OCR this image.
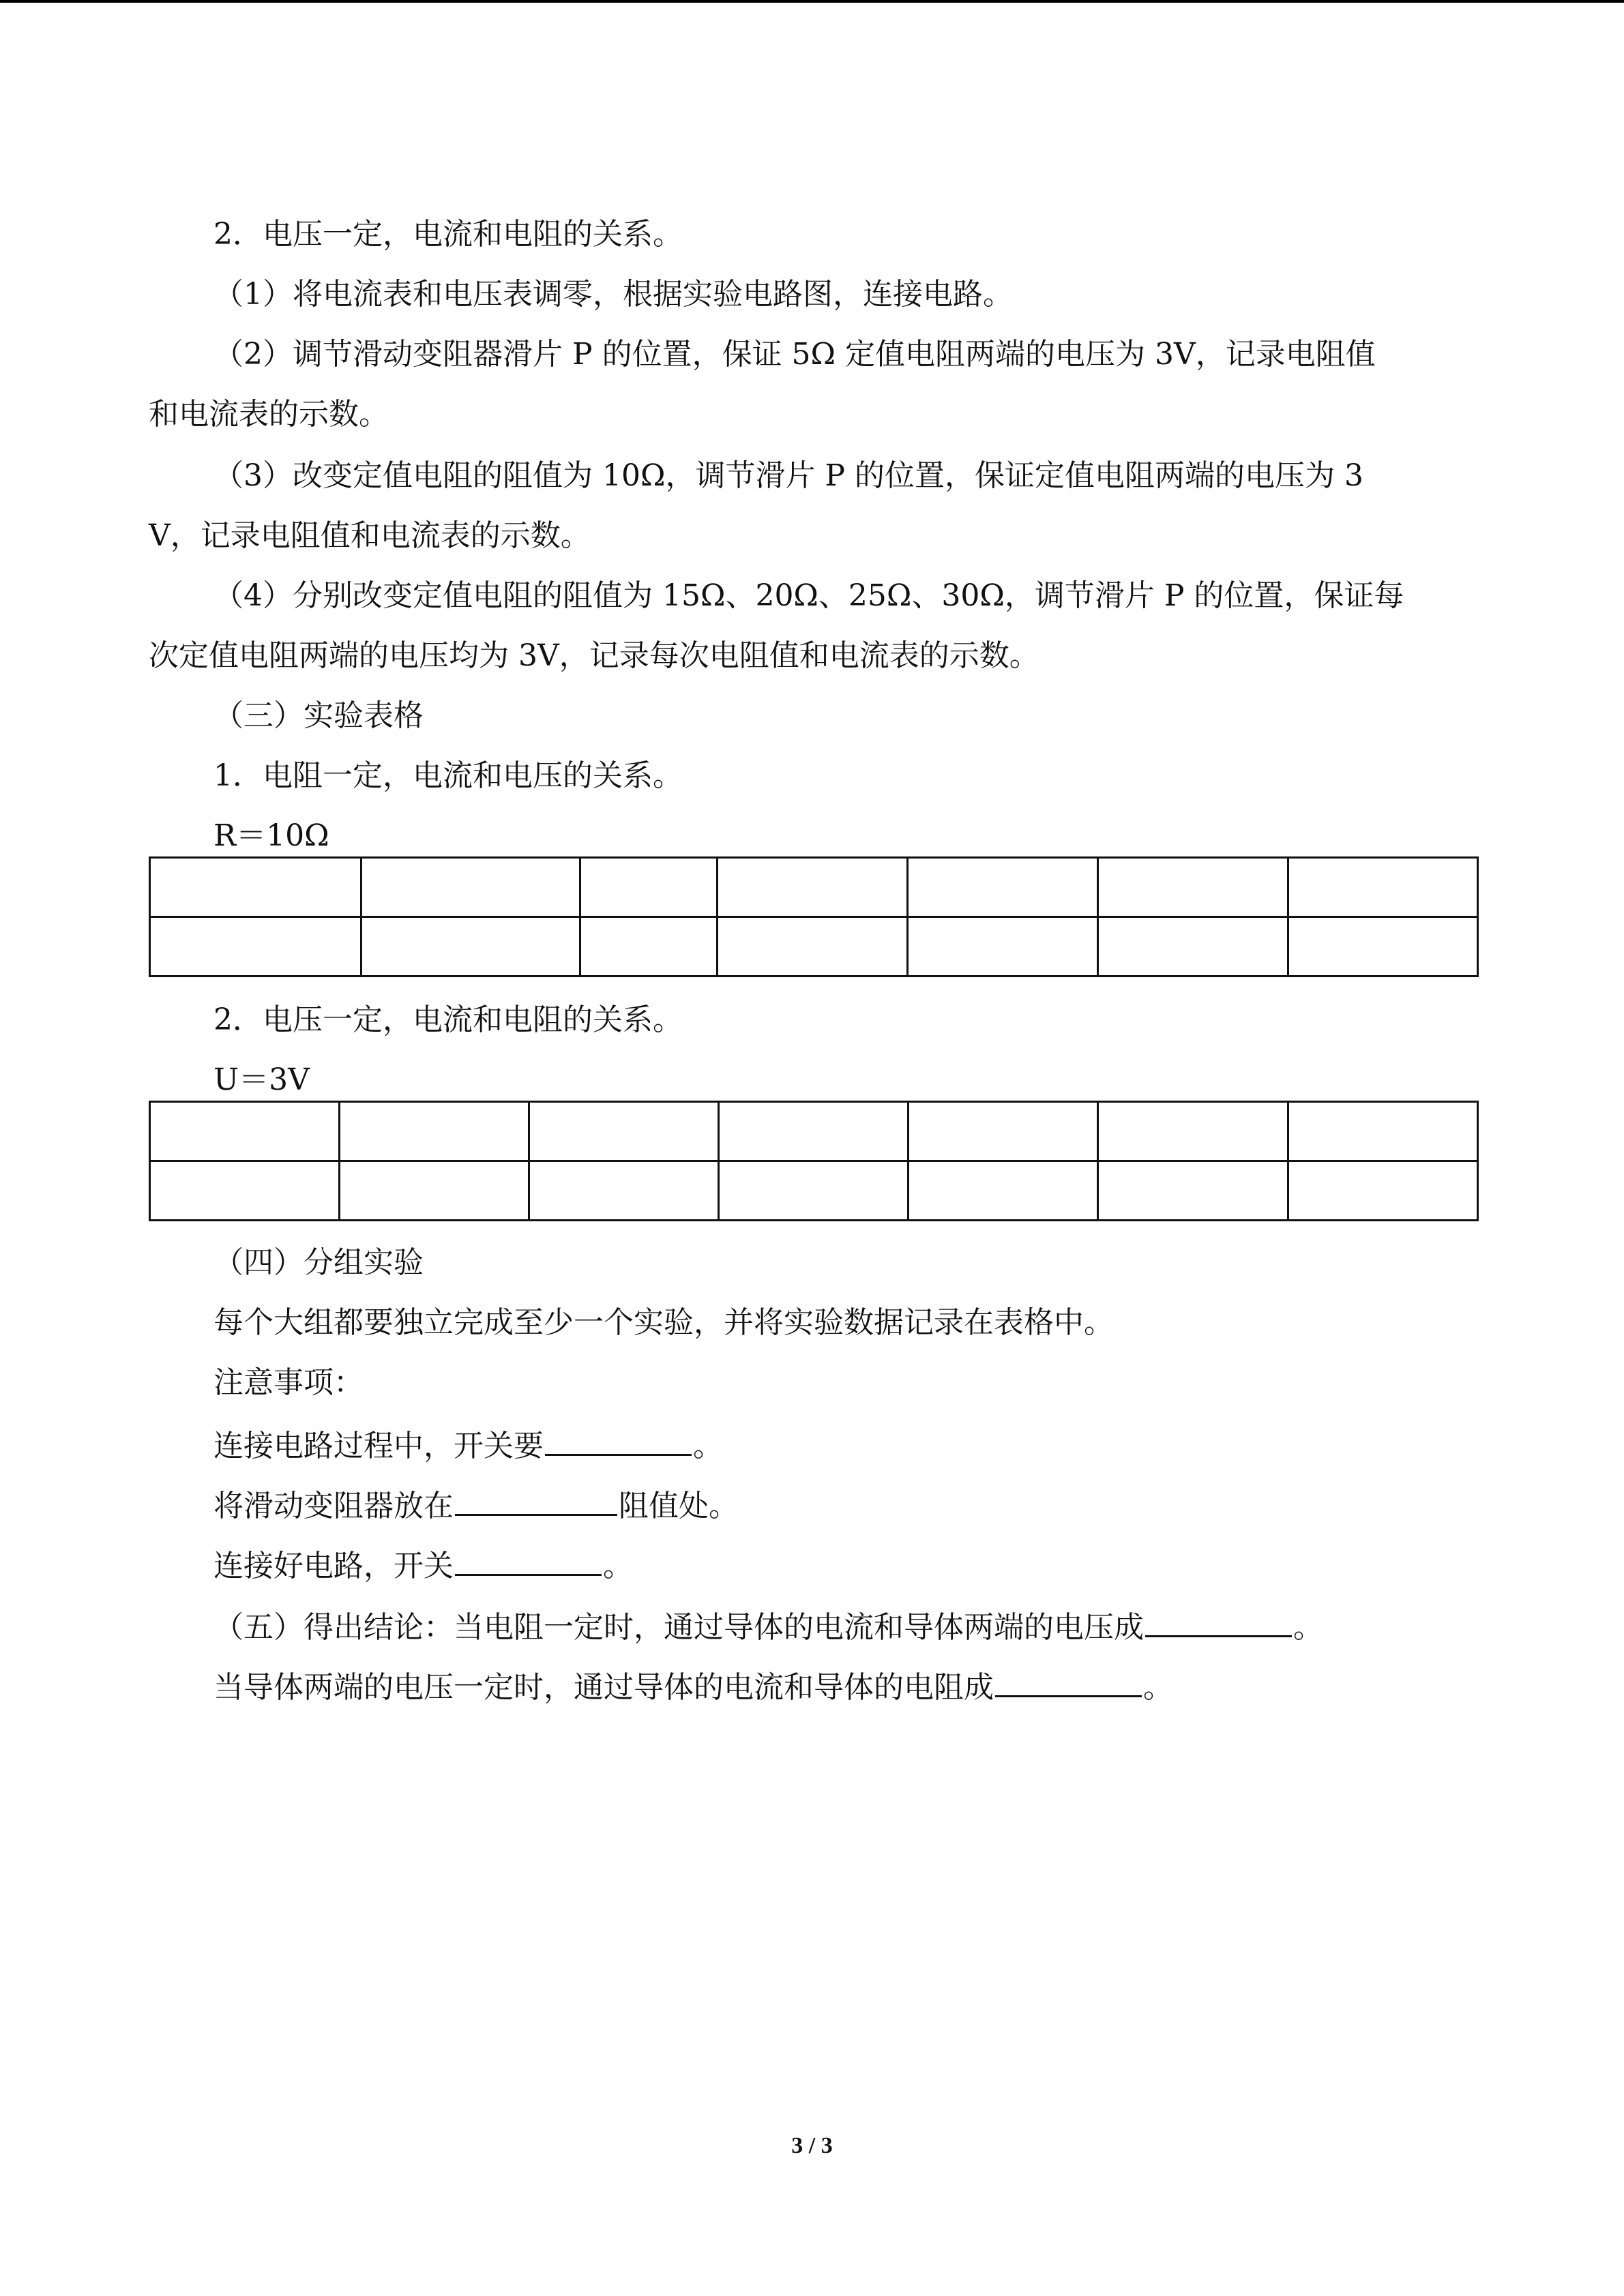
2．电压一定，电流和电阻的关系。

（1）将电流表和电压表调零，根据实验电路图，连接电路。

（2）调节滑动变阻器滑片 P 的位置，保证 5Ω 定值电阻两端的电压为 3V，记录电阻值

和电流表的示数。

（3）改变定值电阻的阻值为 10Ω，调节滑片 P 的位置，保证定值电阻两端的电压为 3

V，记录电阻值和电流表的示数。

（4）分别改变定值电阻的阻值为 15Ω、20Ω、25Ω、30Ω，调节滑片 P 的位置，保证每

次定值电阻两端的电压均为 3V，记录每次电阻值和电流表的示数。

（三）实验表格

1．电阻一定，电流和电压的关系。

R＝10Ω

2．电压一定，电流和电阻的关系。

U＝3V

（四）分组实验

每个大组都要独立完成至少一个实验，并将实验数据记录在表格中。

注意事项：

连接电路过程中，开关要	。

将滑动变阻器放在	阻值处。

连接好电路，开关	。

（五）得出结论：当电阻一定时，通过导体的电流和导体两端的电压成	。

当导体两端的电压一定时，通过导体的电流和导体的电阻成	。

3 / 3
